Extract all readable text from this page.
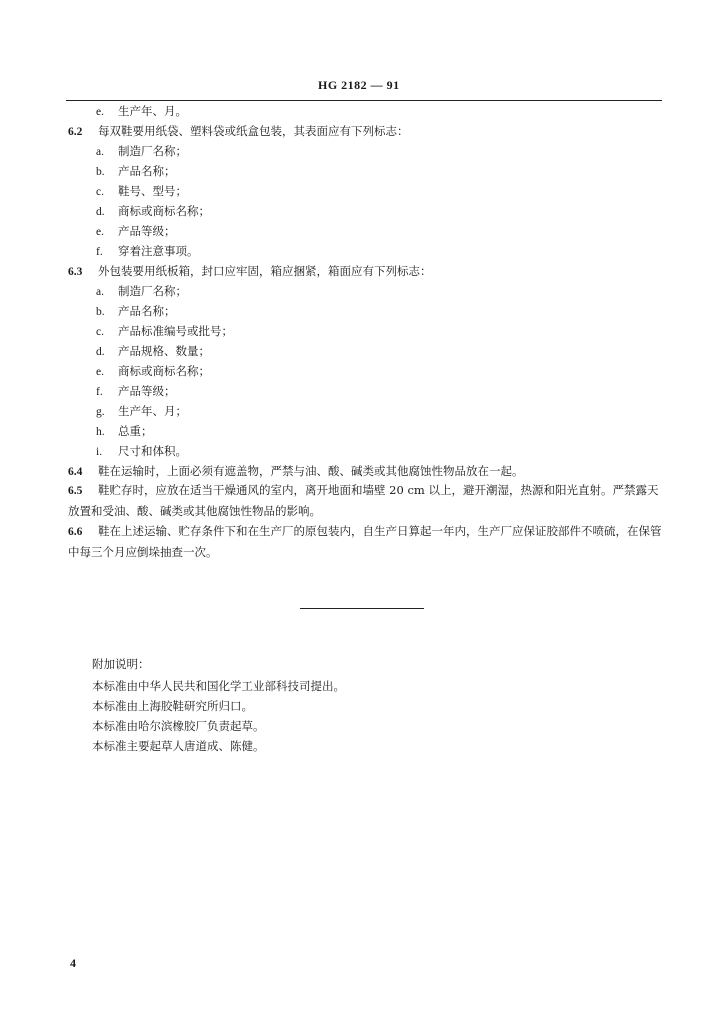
HG 2182 — 91
e. 生产年、月。
6.2 每双鞋要用纸袋、塑料袋或纸盒包装，其表面应有下列标志：
a. 制造厂名称；
b. 产品名称；
c. 鞋号、型号；
d. 商标或商标名称；
e. 产品等级；
f. 穿着注意事项。
6.3 外包装要用纸板箱，封口应牢固，箱应捆紧，箱面应有下列标志：
a. 制造厂名称；
b. 产品名称；
c. 产品标准编号或批号；
d. 产品规格、数量；
e. 商标或商标名称；
f. 产品等级；
g. 生产年、月；
h. 总重；
i. 尺寸和体积。
6.4 鞋在运输时，上面必须有遮盖物，严禁与油、酸、碱类或其他腐蚀性物品放在一起。
6.5 鞋贮存时，应放在适当干燥通风的室内，离开地面和墙壁 20 cm 以上，避开潮湿，热源和阳光直射。严禁露天放置和受油、酸、碱类或其他腐蚀性物品的影响。
6.6 鞋在上述运输、贮存条件下和在生产厂的原包装内，自生产日算起一年内，生产厂应保证胶部件不喷硫，在保管中每三个月应倒垛抽查一次。
附加说明：
本标准由中华人民共和国化学工业部科技司提出。
本标准由上海胶鞋研究所归口。
本标准由哈尔滨橡胶厂负责起草。
本标准主要起草人唐道成、陈健。
4
